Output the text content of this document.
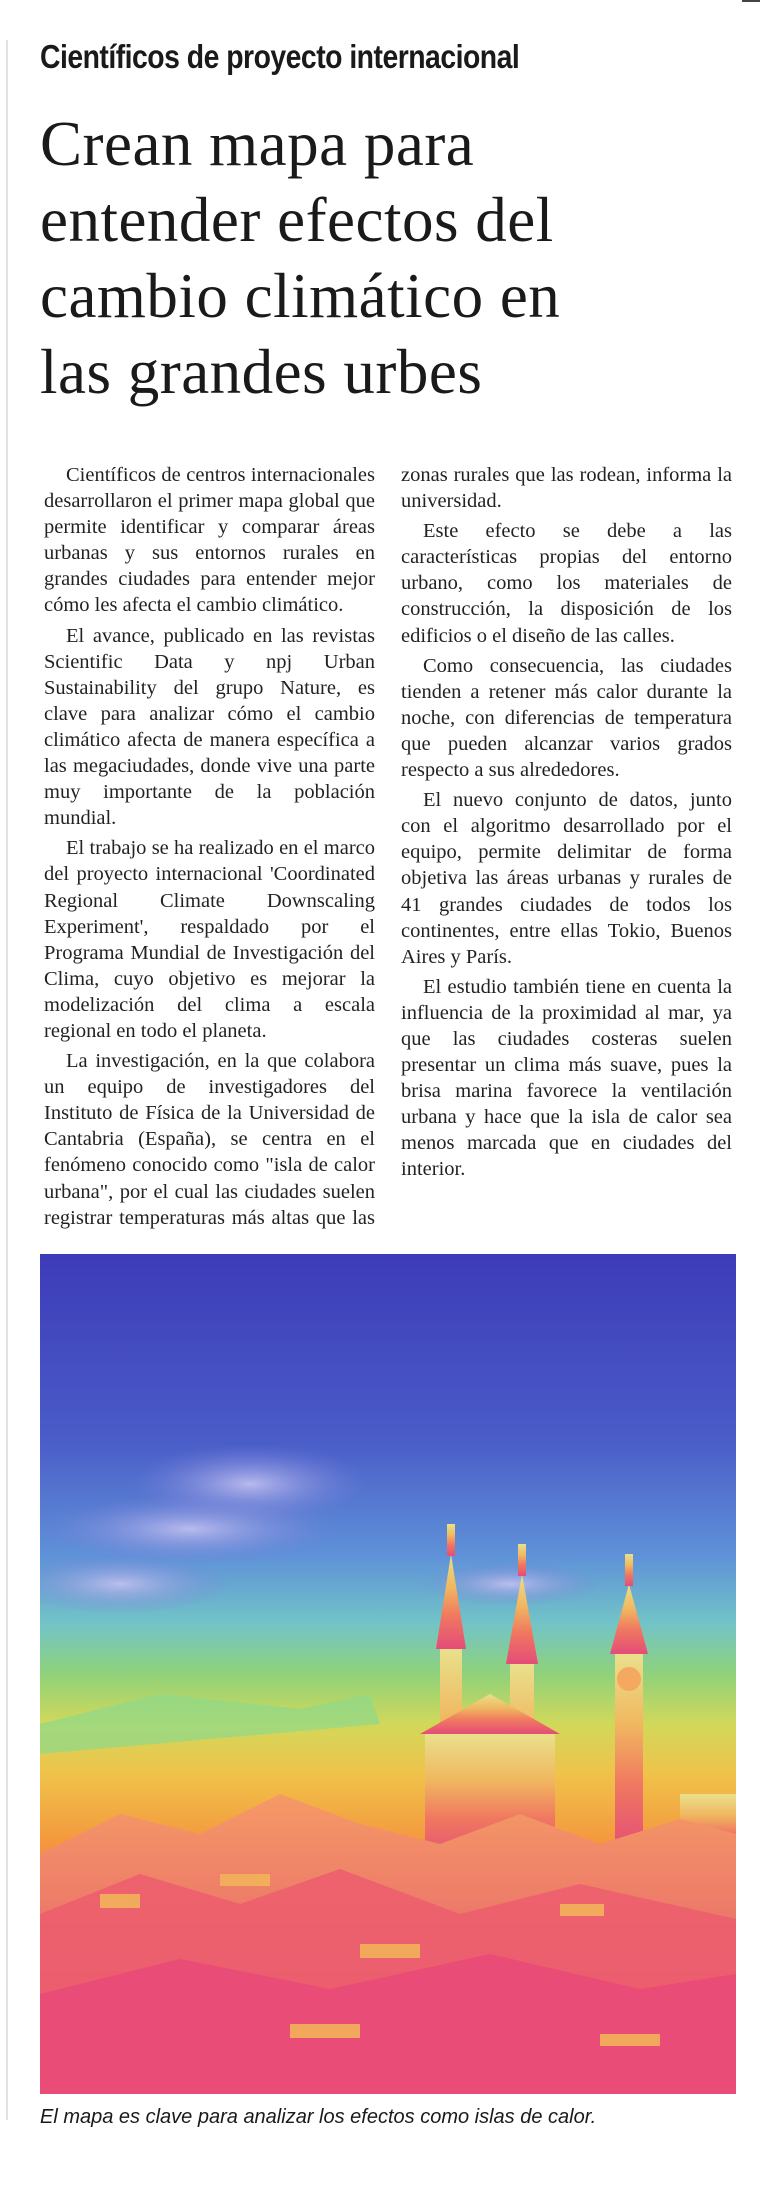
Científicos de proyecto internacional
Crean mapa para
entender efectos del
cambio climático en
las grandes urbes

Científicos de centros internacionales desarrollaron el primer mapa global que permite identificar y comparar áreas urbanas y sus entornos rurales en grandes ciudades para entender mejor cómo les afecta el cambio climático.

El avance, publicado en las revistas Scientific Data y npj Urban Sustainability del grupo Nature, es clave para analizar cómo el cambio climático afecta de manera específica a las megaciudades, donde vive una parte muy importante de la población mundial.

El trabajo se ha realizado en el marco del proyecto internacional 'Coordinated Regional Climate Downscaling Experiment', respaldado por el Programa Mundial de Investigación del Clima, cuyo objetivo es mejorar la modelización del clima a escala regional en todo el planeta.

La investigación, en la que colabora un equipo de investigadores del Instituto de Física de la Universidad de Cantabria (España), se centra en el fenómeno conocido como "isla de calor urbana", por el cual las ciudades suelen registrar temperaturas más altas que las zonas rurales que las rodean, informa la universidad.

Este efecto se debe a las características propias del entorno urbano, como los materiales de construcción, la disposición de los edificios o el diseño de las calles.

Como consecuencia, las ciudades tienden a retener más calor durante la noche, con diferencias de temperatura que pueden alcanzar varios grados respecto a sus alrededores.

El nuevo conjunto de datos, junto con el algoritmo desarrollado por el equipo, permite delimitar de forma objetiva las áreas urbanas y rurales de 41 grandes ciudades de todos los continentes, entre ellas Tokio, Buenos Aires y París.

El estudio también tiene en cuenta la influencia de la proximidad al mar, ya que las ciudades costeras suelen presentar un clima más suave, pues la brisa marina favorece la ventilación urbana y hace que la isla de calor sea menos marcada que en ciudades del interior.

El mapa es clave para analizar los efectos como islas de calor.
